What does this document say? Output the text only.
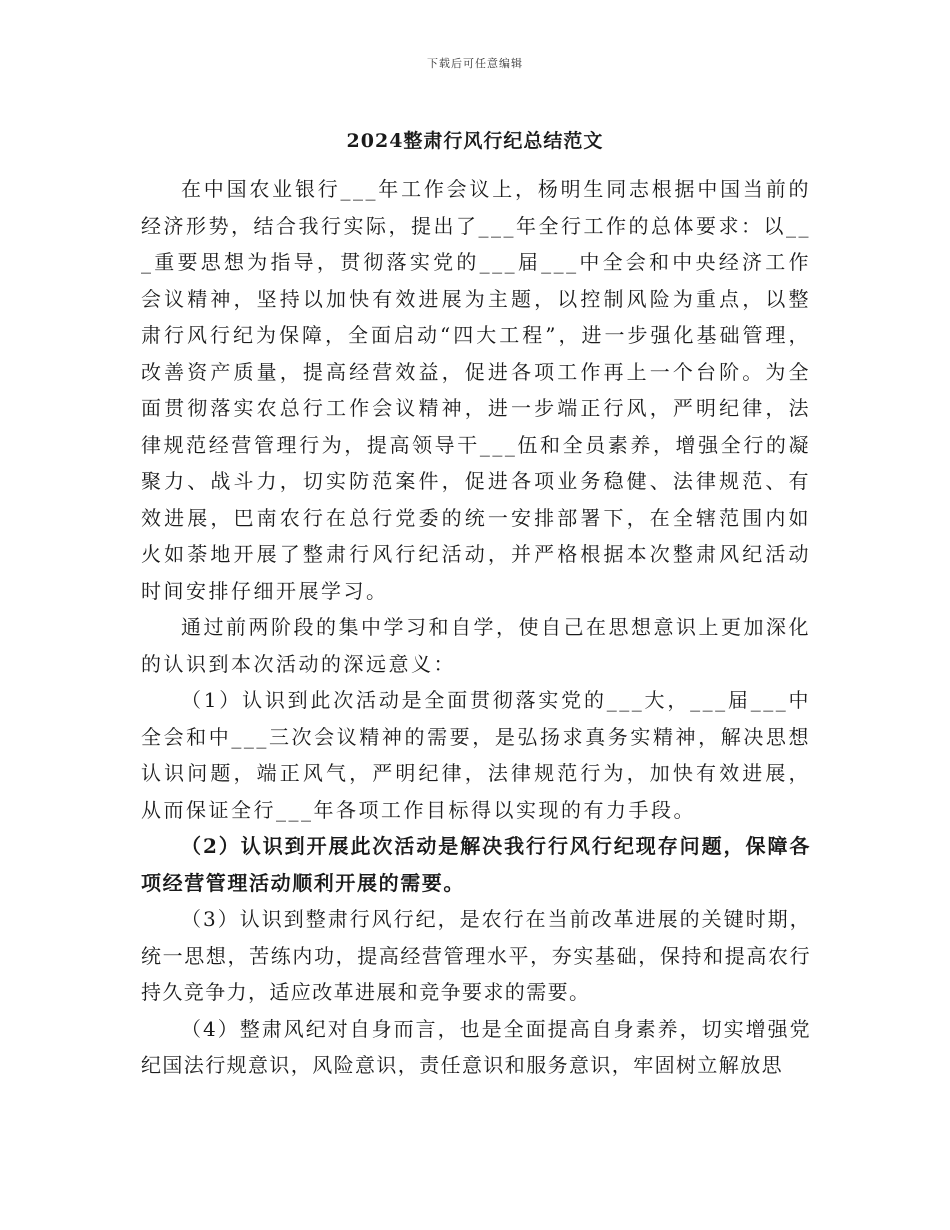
下载后可任意编辑
2024整肃行风行纪总结范文

在中国农业银行___年工作会议上，杨明生同志根据中国当前的经济形势，结合我行实际，提出了___年全行工作的总体要求：以___重要思想为指导，贯彻落实党的___届___中全会和中央经济工作会议精神，坚持以加快有效进展为主题，以控制风险为重点，以整肃行风行纪为保障，全面启动“四大工程”，进一步强化基础管理，改善资产质量，提高经营效益，促进各项工作再上一个台阶。为全面贯彻落实农总行工作会议精神，进一步端正行风，严明纪律，法律规范经营管理行为，提高领导干___伍和全员素养，增强全行的凝聚力、战斗力，切实防范案件，促进各项业务稳健、法律规范、有效进展，巴南农行在总行党委的统一安排部署下，在全辖范围内如火如荼地开展了整肃行风行纪活动，并严格根据本次整肃风纪活动时间安排仔细开展学习。

通过前两阶段的集中学习和自学，使自己在思想意识上更加深化的认识到本次活动的深远意义：

（1）认识到此次活动是全面贯彻落实党的___大，___届___中全会和中___三次会议精神的需要，是弘扬求真务实精神，解决思想认识问题，端正风气，严明纪律，法律规范行为，加快有效进展，从而保证全行___年各项工作目标得以实现的有力手段。

（2）认识到开展此次活动是解决我行行风行纪现存问题，保障各项经营管理活动顺利开展的需要。

（3）认识到整肃行风行纪，是农行在当前改革进展的关键时期，统一思想，苦练内功，提高经营管理水平，夯实基础，保持和提高农行持久竞争力，适应改革进展和竞争要求的需要。

（4）整肃风纪对自身而言，也是全面提高自身素养，切实增强党纪国法行规意识，风险意识，责任意识和服务意识，牢固树立解放思
